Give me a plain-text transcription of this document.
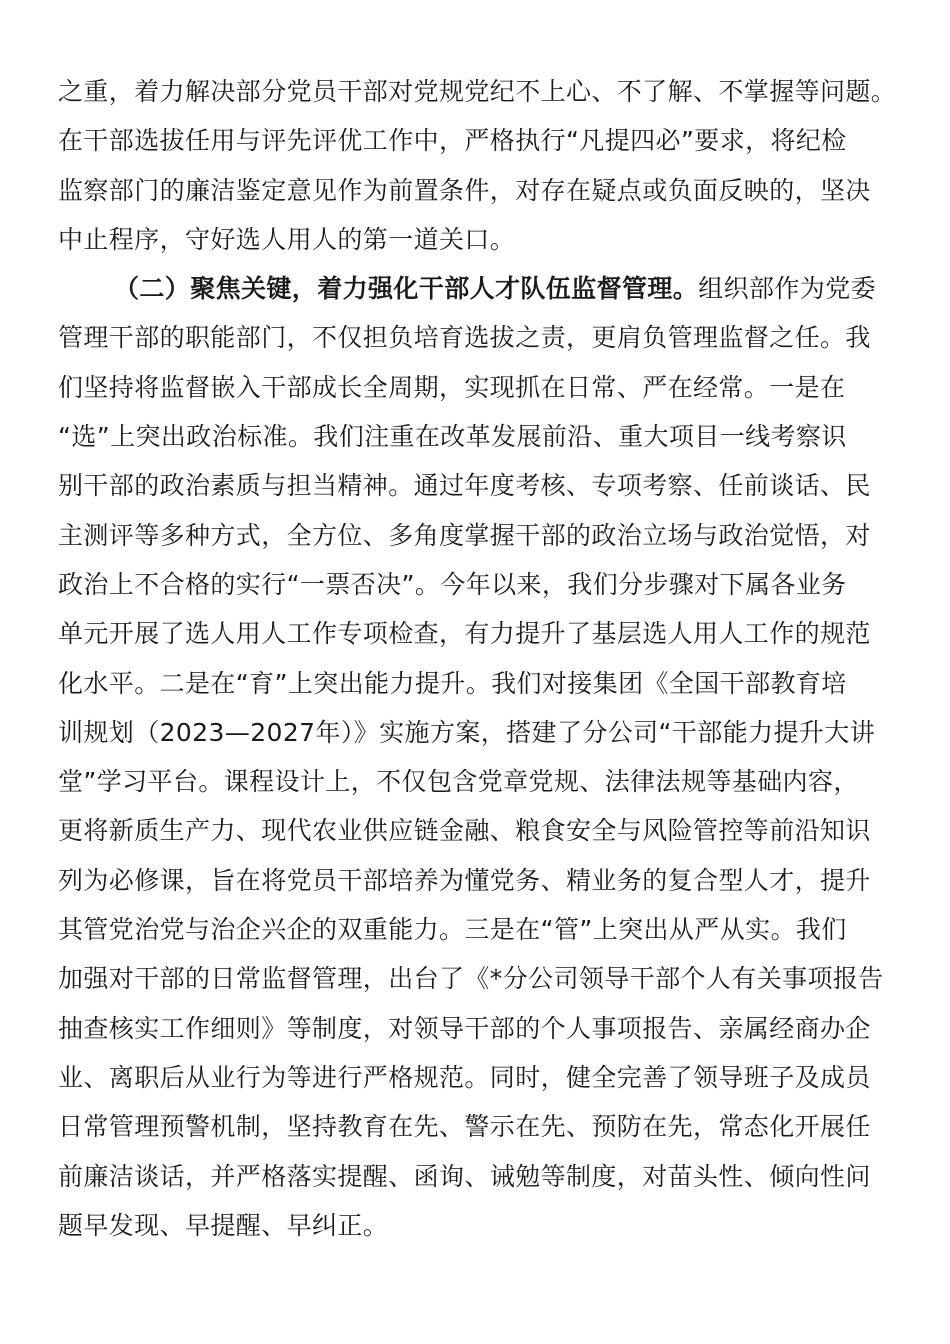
之重，着力解决部分党员干部对党规党纪不上心、不了解、不掌握等问题。
在干部选拔任用与评先评优工作中，严格执行“凡提四必”要求，将纪检
监察部门的廉洁鉴定意见作为前置条件，对存在疑点或负面反映的，坚决
中止程序，守好选人用人的第一道关口。
（二）聚焦关键，着力强化干部人才队伍监督管理。组织部作为党委
管理干部的职能部门，不仅担负培育选拔之责，更肩负管理监督之任。我
们坚持将监督嵌入干部成长全周期，实现抓在日常、严在经常。一是在
“选”上突出政治标准。我们注重在改革发展前沿、重大项目一线考察识
别干部的政治素质与担当精神。通过年度考核、专项考察、任前谈话、民
主测评等多种方式，全方位、多角度掌握干部的政治立场与政治觉悟，对
政治上不合格的实行“一票否决”。今年以来，我们分步骤对下属各业务
单元开展了选人用人工作专项检查，有力提升了基层选人用人工作的规范
化水平。二是在“育”上突出能力提升。我们对接集团《全国干部教育培
训规划（2023—2027年）》实施方案，搭建了分公司“干部能力提升大讲
堂”学习平台。课程设计上，不仅包含党章党规、法律法规等基础内容，
更将新质生产力、现代农业供应链金融、粮食安全与风险管控等前沿知识
列为必修课，旨在将党员干部培养为懂党务、精业务的复合型人才，提升
其管党治党与治企兴企的双重能力。三是在“管”上突出从严从实。我们
加强对干部的日常监督管理，出台了《*分公司领导干部个人有关事项报告
抽查核实工作细则》等制度，对领导干部的个人事项报告、亲属经商办企
业、离职后从业行为等进行严格规范。同时，健全完善了领导班子及成员
日常管理预警机制，坚持教育在先、警示在先、预防在先，常态化开展任
前廉洁谈话，并严格落实提醒、函询、诫勉等制度，对苗头性、倾向性问
题早发现、早提醒、早纠正。
